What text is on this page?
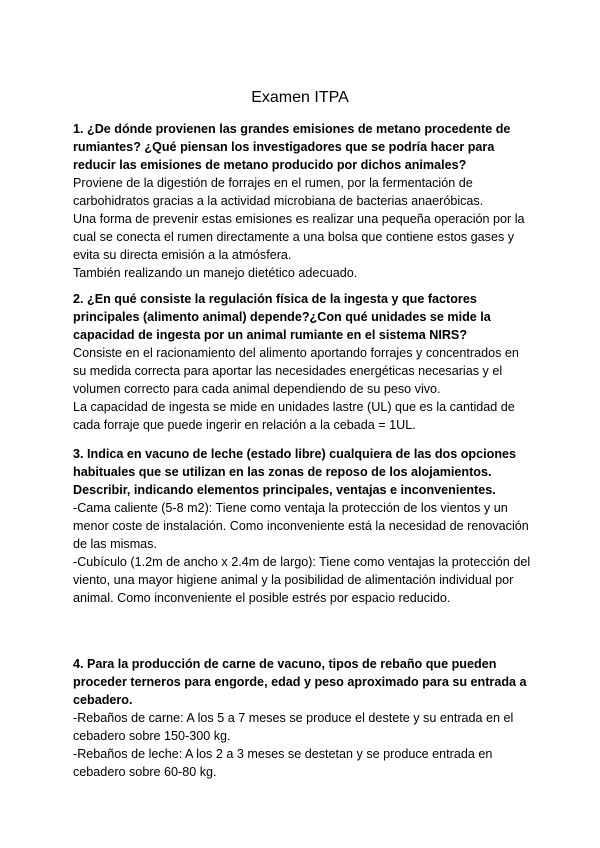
Examen ITPA
1. ¿De dónde provienen las grandes emisiones de metano procedente de rumiantes? ¿Qué piensan los investigadores que se podría hacer para reducir las emisiones de metano producido por dichos animales?
Proviene de la digestión de forrajes en el rumen, por la fermentación de carbohidratos gracias a la actividad microbiana de bacterias anaeróbicas.
Una forma de prevenir estas emisiones es realizar una pequeña operación por la cual se conecta el rumen directamente a una bolsa que contiene estos gases y evita su directa emisión a la atmósfera.
También realizando un manejo dietético adecuado.
2. ¿En qué consiste la regulación física de la ingesta y que factores principales (alimento animal) depende?¿Con qué unidades se mide la capacidad de ingesta por un animal rumiante en el sistema NIRS?
Consiste en el racionamiento del alimento aportando forrajes y concentrados en su medida correcta para aportar las necesidades energéticas necesarias y el volumen correcto para cada animal dependiendo de su peso vivo.
La capacidad de ingesta se mide en unidades lastre (UL) que es la cantidad de cada forraje que puede ingerir en relación a la cebada = 1UL.
3. Indica en vacuno de leche (estado libre) cualquiera de las dos opciones habituales que se utilizan en las zonas de reposo de los alojamientos. Describir, indicando elementos principales, ventajas e inconvenientes.
-Cama caliente (5-8 m2): Tiene como ventaja la protección de los vientos y un menor coste de instalación. Como inconveniente está la necesidad de renovación de las mismas.
-Cubículo (1.2m de ancho x 2.4m de largo): Tiene como ventajas la protección del viento, una mayor higiene animal y la posibilidad de alimentación individual por animal. Como inconveniente el posible estrés por espacio reducido.
4. Para la producción de carne de vacuno, tipos de rebaño que pueden proceder terneros para engorde, edad y peso aproximado para su entrada a cebadero.
-Rebaños de carne: A los 5 a 7 meses se produce el destete y su entrada en el cebadero sobre 150-300 kg.
-Rebaños de leche: A los 2 a 3 meses se destetan y se produce entrada en cebadero sobre 60-80 kg.
